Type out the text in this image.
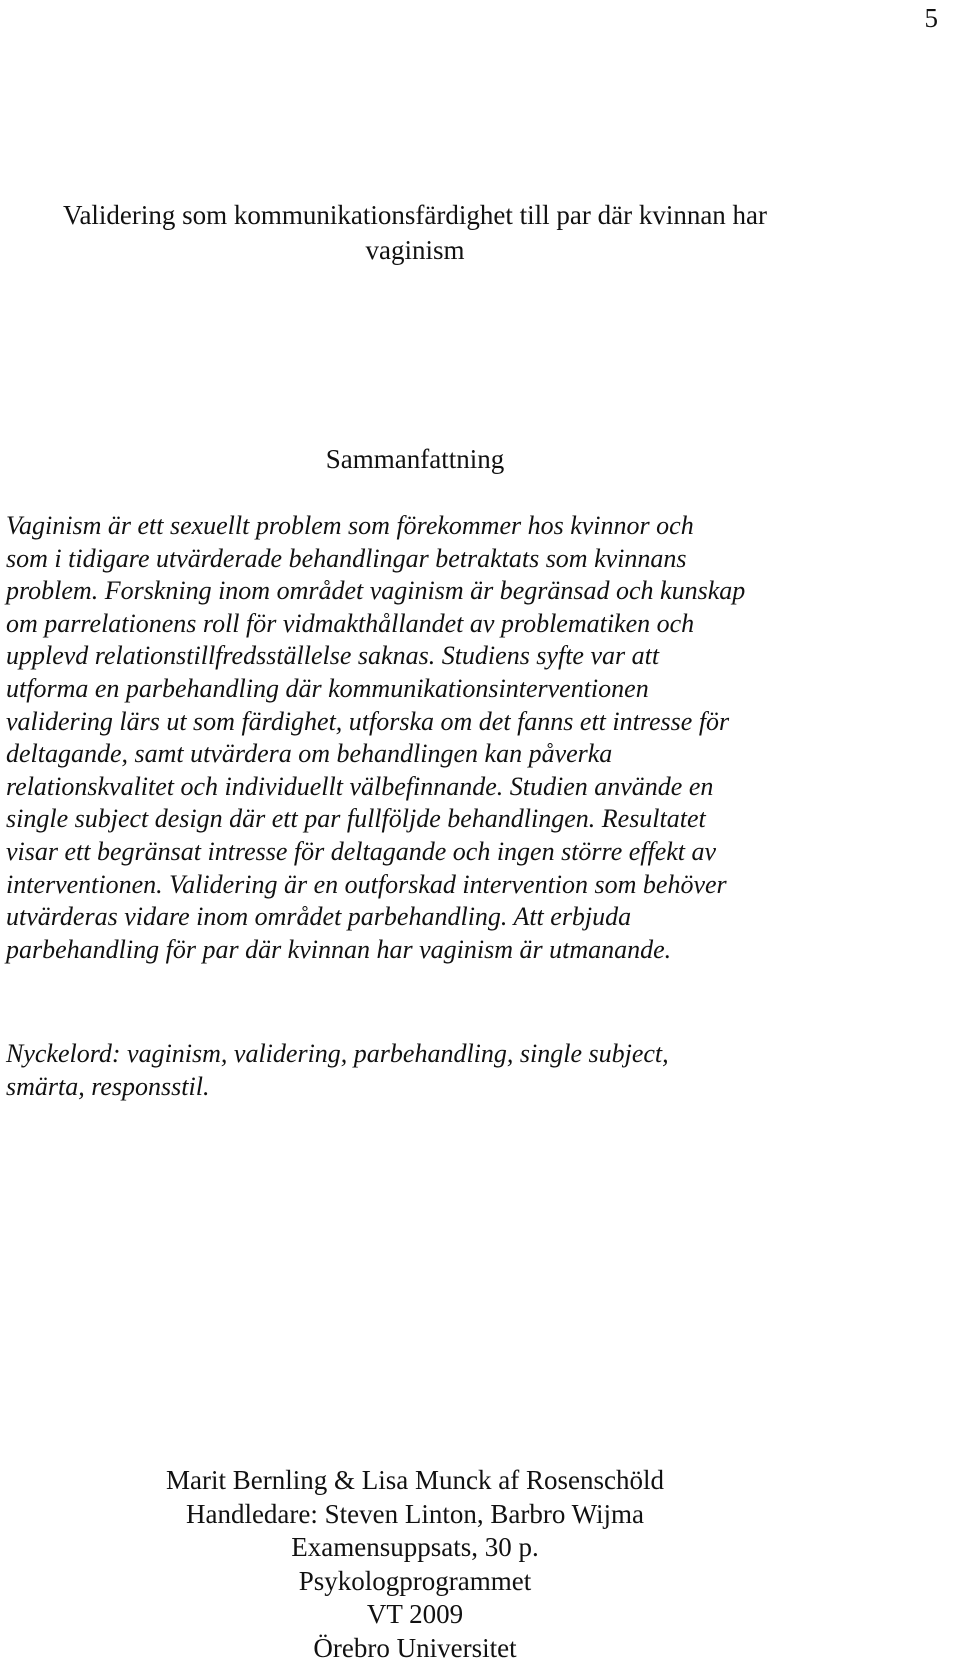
5
Validering som kommunikationsfärdighet till par där kvinnan har
vaginism
Sammanfattning
Vaginism är ett sexuellt problem som förekommer hos kvinnor och
som i tidigare utvärderade behandlingar betraktats som kvinnans
problem. Forskning inom området vaginism är begränsad och kunskap
om parrelationens roll för vidmakthållandet av problematiken och
upplevd relationstillfredsställelse saknas. Studiens syfte var att
utforma en parbehandling där kommunikationsinterventionen
validering lärs ut som färdighet, utforska om det fanns ett intresse för
deltagande, samt utvärdera om behandlingen kan påverka
relationskvalitet och individuellt välbefinnande. Studien använde en
single subject design där ett par fullföljde behandlingen. Resultatet
visar ett begränsat intresse för deltagande och ingen större effekt av
interventionen. Validering är en outforskad intervention som behöver
utvärderas vidare inom området parbehandling. Att erbjuda
parbehandling för par där kvinnan har vaginism är utmanande.
Nyckelord: vaginism, validering, parbehandling, single subject,
smärta, responsstil.
Marit Bernling & Lisa Munck af Rosenschöld
Handledare: Steven Linton, Barbro Wijma
Examensuppsats, 30 p.
Psykologprogrammet
VT 2009
Örebro Universitet
